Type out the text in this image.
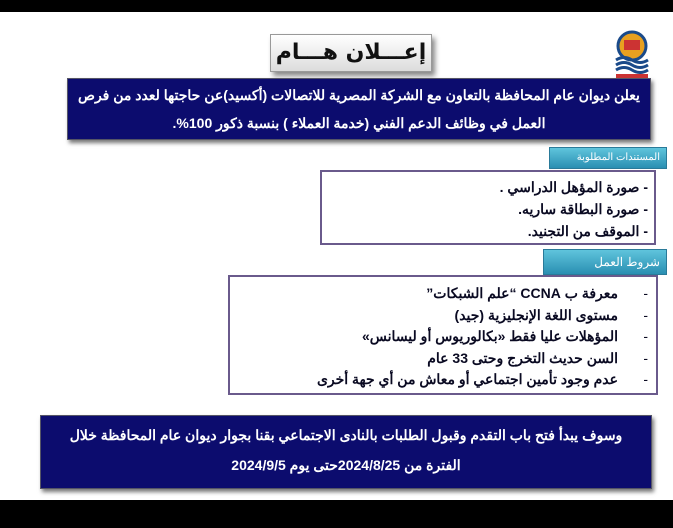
إعـــلان هـــام
يعلن ديوان عام المحافظة بالتعاون مع الشركة المصرية للاتصالات (أكسيد)عن حاجتها لعدد من فرص
العمل في وظائف الدعم الفني (خدمة العملاء ) بنسبة ذكور 100%.
المستندات المطلوبة
- صورة المؤهل الدراسي .
- صورة البطاقة ساريه.
- الموقف من التجنيد.
شروط العمل
-
معرفة ب CCNA “علم الشبكات”
-
مستوى اللغة الإنجليزية (جيد)
-
المؤهلات عليا فقط «بكالوريوس أو ليسانس»
-
السن حديث التخرج وحتى 33 عام
-
عدم وجود تأمين اجتماعي أو معاش من أي جهة أخرى
وسوف يبدأ فتح باب التقدم وقبول الطلبات بالنادى الاجتماعي بقنا بجوار ديوان عام المحافظة خلال
الفترة من 2024/8/25حتى يوم 2024/9/5
